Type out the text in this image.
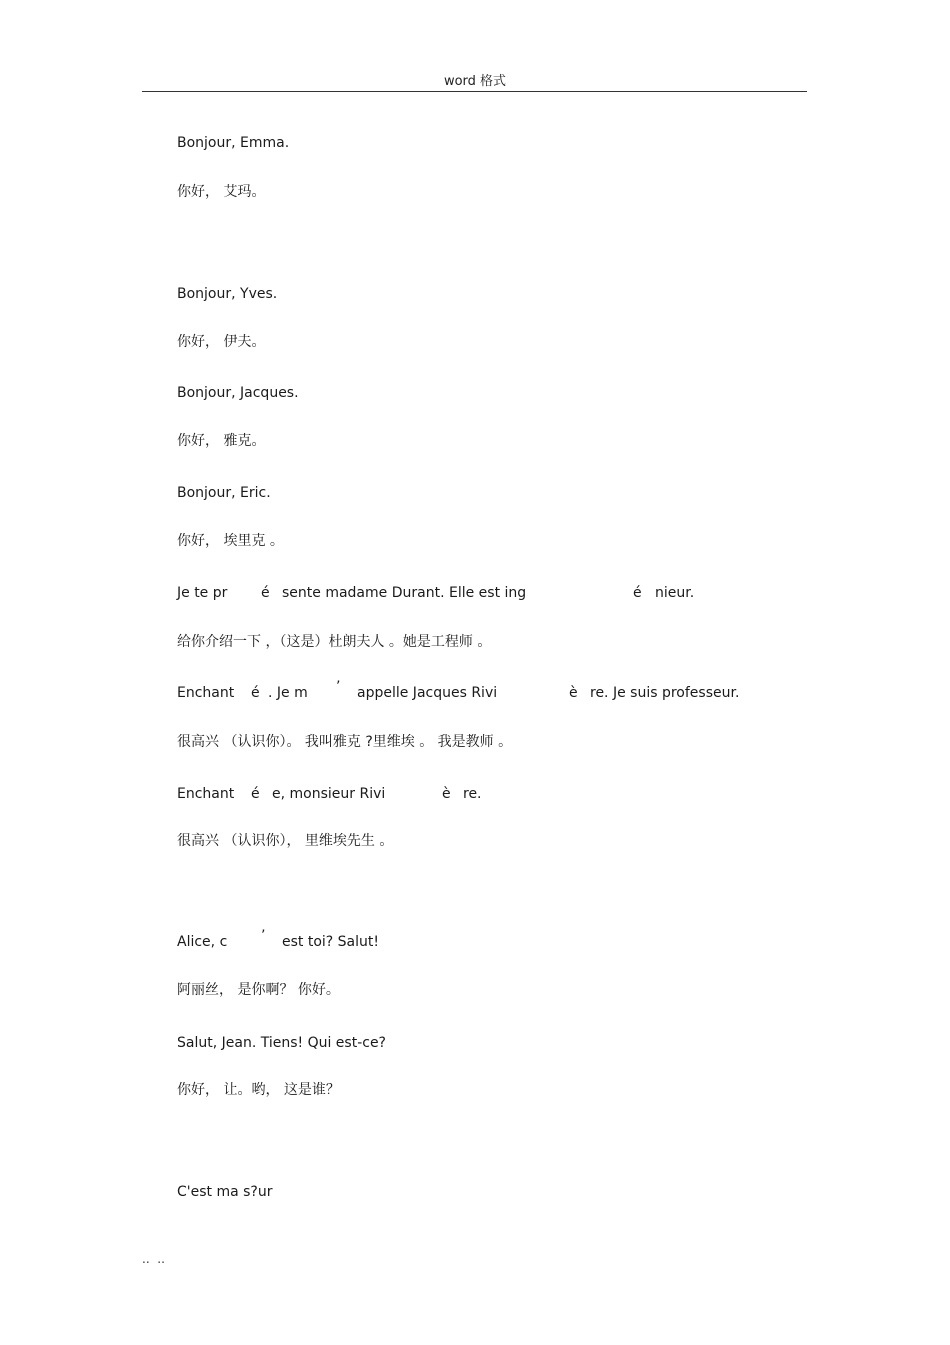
word 格式
Bonjour, Emma.
你好， 艾玛。
Bonjour, Yves.
你好， 伊夫。
Bonjour, Jacques.
你好， 雅克。
Bonjour, Eric.
你好， 埃里克 。
Je te pr é sente madame Durant. Elle est ing	é nieur.
给你介绍一下 ，（这是）杜朗夫人 。她是工程师 。
Enchant é . Je m ’ appelle Jacques Rivi	è re. Je suis professeur.
很高兴 （认识你）。 我叫雅克 ?里维埃 。 我是教师 。
Enchant é e, monsieur Rivi	è re.
很高兴 （认识你）， 里维埃先生 。
Alice, c ’ est toi? Salut!
阿丽丝， 是你啊？ 你好。
Salut, Jean. Tiens! Qui est-ce?
你好， 让。哟， 这是谁？
C'est ma s?ur
..  ..
